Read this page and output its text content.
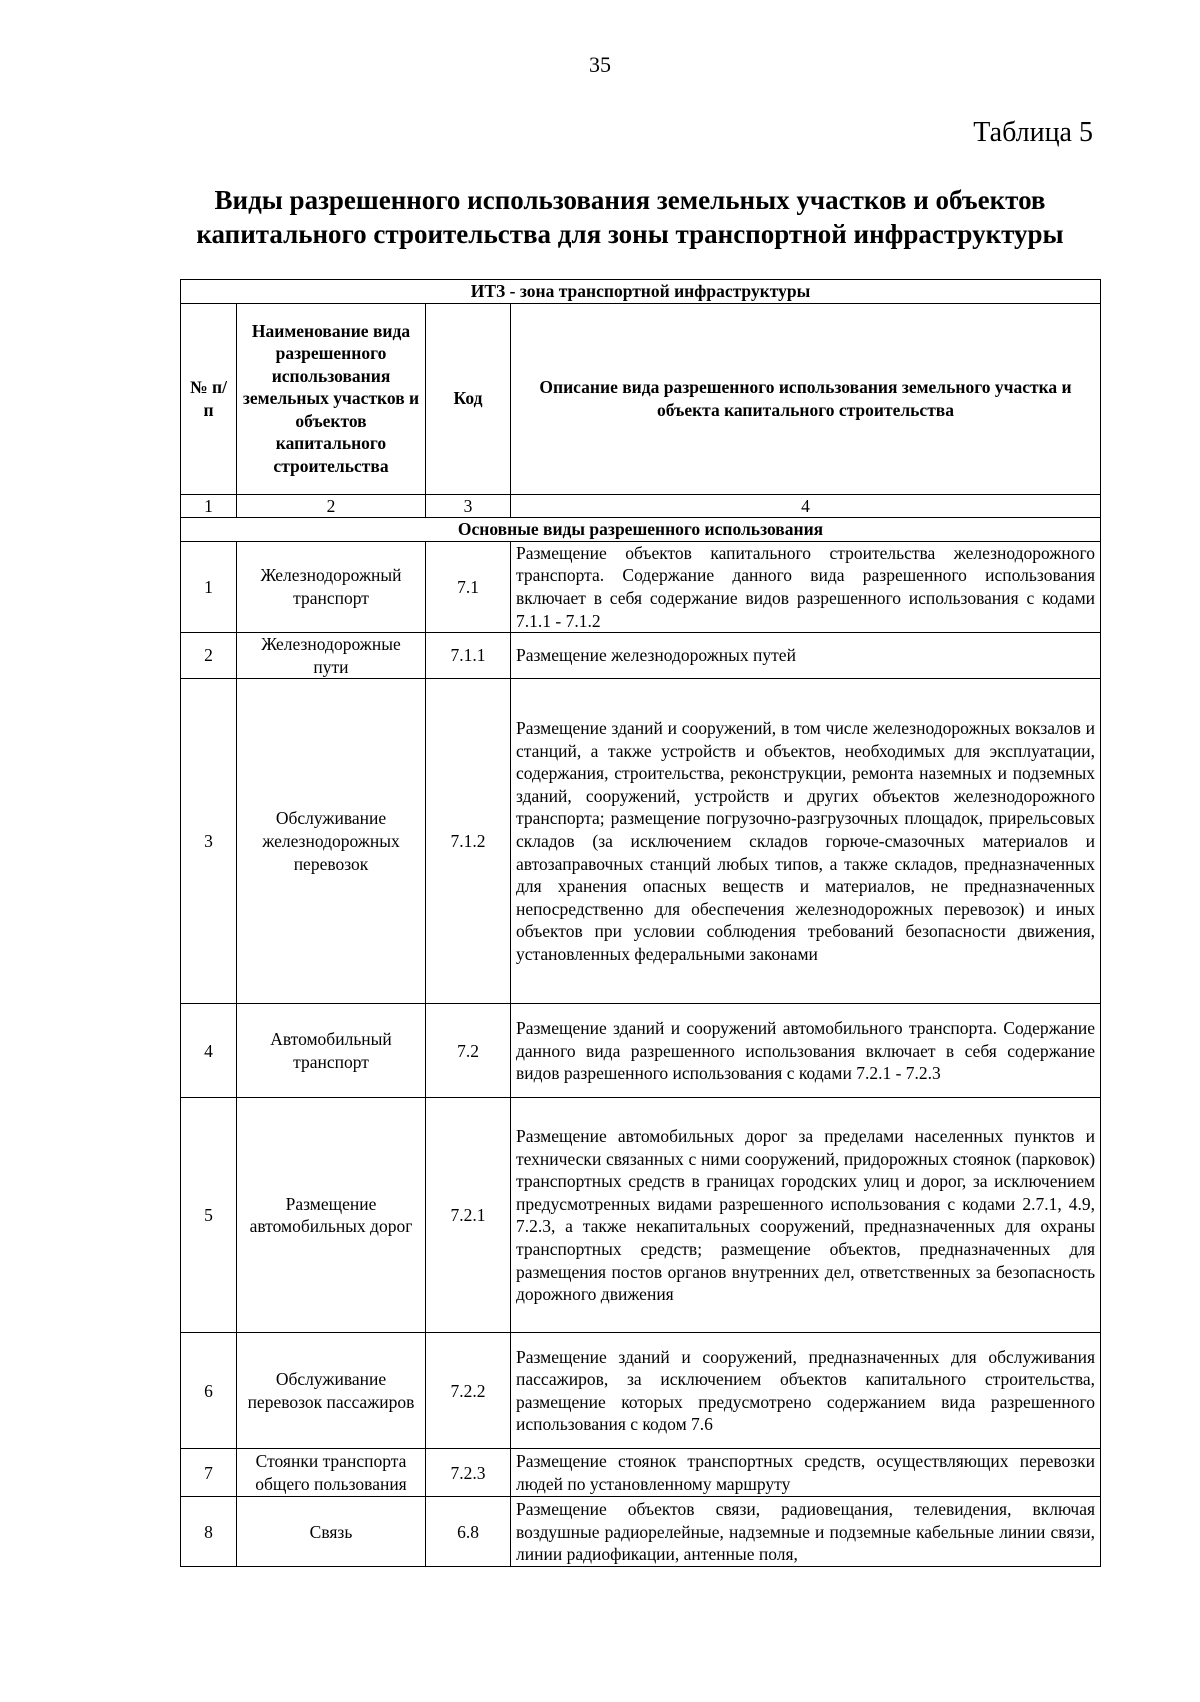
35
Таблица 5
Виды разрешенного использования земельных участков и объектов капитального строительства для зоны транспортной инфраструктуры
ИТЗ - зона транспортной инфраструктуры			
№ п/п	Наименование вида разрешенного использования земельных участков и объектов капитального строительства	Код	Описание вида разрешенного использования земельного участка и объекта капитального строительства
1	2	3	4
Основные виды разрешенного использования			
1	Железнодорожный транспорт	7.1	Размещение объектов капитального строительства железнодорожного транспорта. Содержание данного вида разрешенного использования включает в себя содержание видов разрешенного использования с кодами 7.1.1 - 7.1.2

2	Железнодорожные пути	7.1.1	Размещение железнодорожных путей

3	Обслуживание железнодорожных перевозок	7.1.2	Размещение зданий и сооружений, в том числе железнодорожных вокзалов и станций, а также устройств и объектов, необходимых для эксплуатации, содержания, строительства, реконструкции, ремонта наземных и подземных зданий, сооружений, устройств и других объектов железнодорожного транспорта; размещение погрузочно-разгрузочных площадок, прирельсовых складов (за исключением складов горюче-смазочных материалов и автозаправочных станций любых типов, а также складов, предназначенных для хранения опасных веществ и материалов, не предназначенных непосредственно для обеспечения железнодорожных перевозок) и иных объектов при условии соблюдения требований безопасности движения, установленных федеральными законами

4	Автомобильный транспорт	7.2	Размещение зданий и сооружений автомобильного транспорта. Содержание данного вида разрешенного использования включает в себя содержание видов разрешенного использования с кодами 7.2.1 - 7.2.3

5	Размещение автомобильных дорог	7.2.1	Размещение автомобильных дорог за пределами населенных пунктов и технически связанных с ними сооружений, придорожных стоянок (парковок) транспортных средств в границах городских улиц и дорог, за исключением предусмотренных видами разрешенного использования с кодами 2.7.1, 4.9, 7.2.3, а также некапитальных сооружений, предназначенных для охраны транспортных средств; размещение объектов, предназначенных для размещения постов органов внутренних дел, ответственных за безопасность дорожного движения

6	Обслуживание перевозок пассажиров	7.2.2	Размещение зданий и сооружений, предназначенных для обслуживания пассажиров, за исключением объектов капитального строительства, размещение которых предусмотрено содержанием вида разрешенного использования с кодом 7.6

7	Стоянки транспорта общего пользования	7.2.3	Размещение стоянок транспортных средств, осуществляющих перевозки людей по установленному маршруту

8	Связь	6.8	Размещение объектов связи, радиовещания, телевидения, включая воздушные радиорелейные, надземные и подземные кабельные линии связи, линии радиофикации, антенные поля,
